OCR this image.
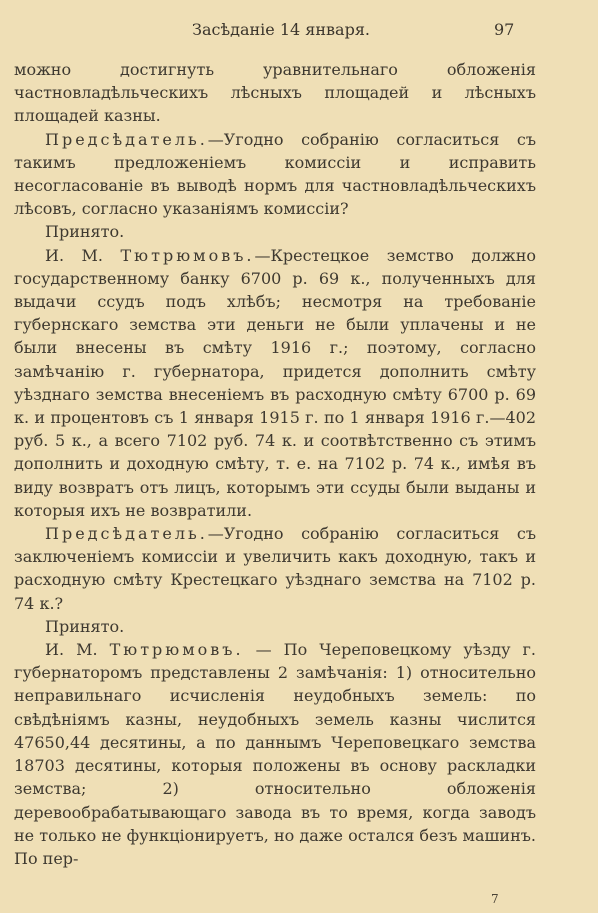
Засѣданіе 14 января.	97

можно достигнуть уравнительнаго обложенія частновладѣльческихъ лѣсныхъ площадей и лѣсныхъ площадей казны.

Предсѣдатель.—Угодно собранію согласиться съ такимъ предложеніемъ комиссіи и исправить несогласованіе въ выводѣ нормъ для частновладѣльческихъ лѣсовъ, согласно указаніямъ комиссіи?

Принято.

И. М. Тютрюмовъ.—Крестецкое земство должно государственному банку 6700 р. 69 к., полученныхъ для выдачи ссудъ подъ хлѣбъ; несмотря на требованіе губернскаго земства эти деньги не были уплачены и не были внесены въ смѣту 1916 г.; поэтому, согласно замѣчанію г. губернатора, придется дополнить смѣту уѣзднаго земства внесеніемъ въ расходную смѣту 6700 р. 69 к. и процентовъ съ 1 января 1915 г. по 1 января 1916 г.—402 руб. 5 к., а всего 7102 руб. 74 к. и соотвѣтственно съ этимъ дополнить и доходную смѣту, т. е. на 7102 р. 74 к., имѣя въ виду возвратъ отъ лицъ, которымъ эти ссуды были выданы и которыя ихъ не возвратили.

Предсѣдатель.—Угодно собранію согласиться съ заключеніемъ комиссіи и увеличить какъ доходную, такъ и расходную смѣту Крестецкаго уѣзднаго земства на 7102 р. 74 к.?

Принято.

И. М. Тютрюмовъ. — По Череповецкому уѣзду г. губернаторомъ представлены 2 замѣчанія: 1) относительно неправильнаго исчисленія неудобныхъ земель: по свѣдѣніямъ казны, неудобныхъ земель казны числится 47650,44 десятины, а по даннымъ Череповецкаго земства 18703 десятины, которыя положены въ основу раскладки земства; 2) относительно обложенія деревообрабатывающаго завода въ то время, когда заводъ не только не функціонируетъ, но даже остался безъ машинъ. По пер-

7
